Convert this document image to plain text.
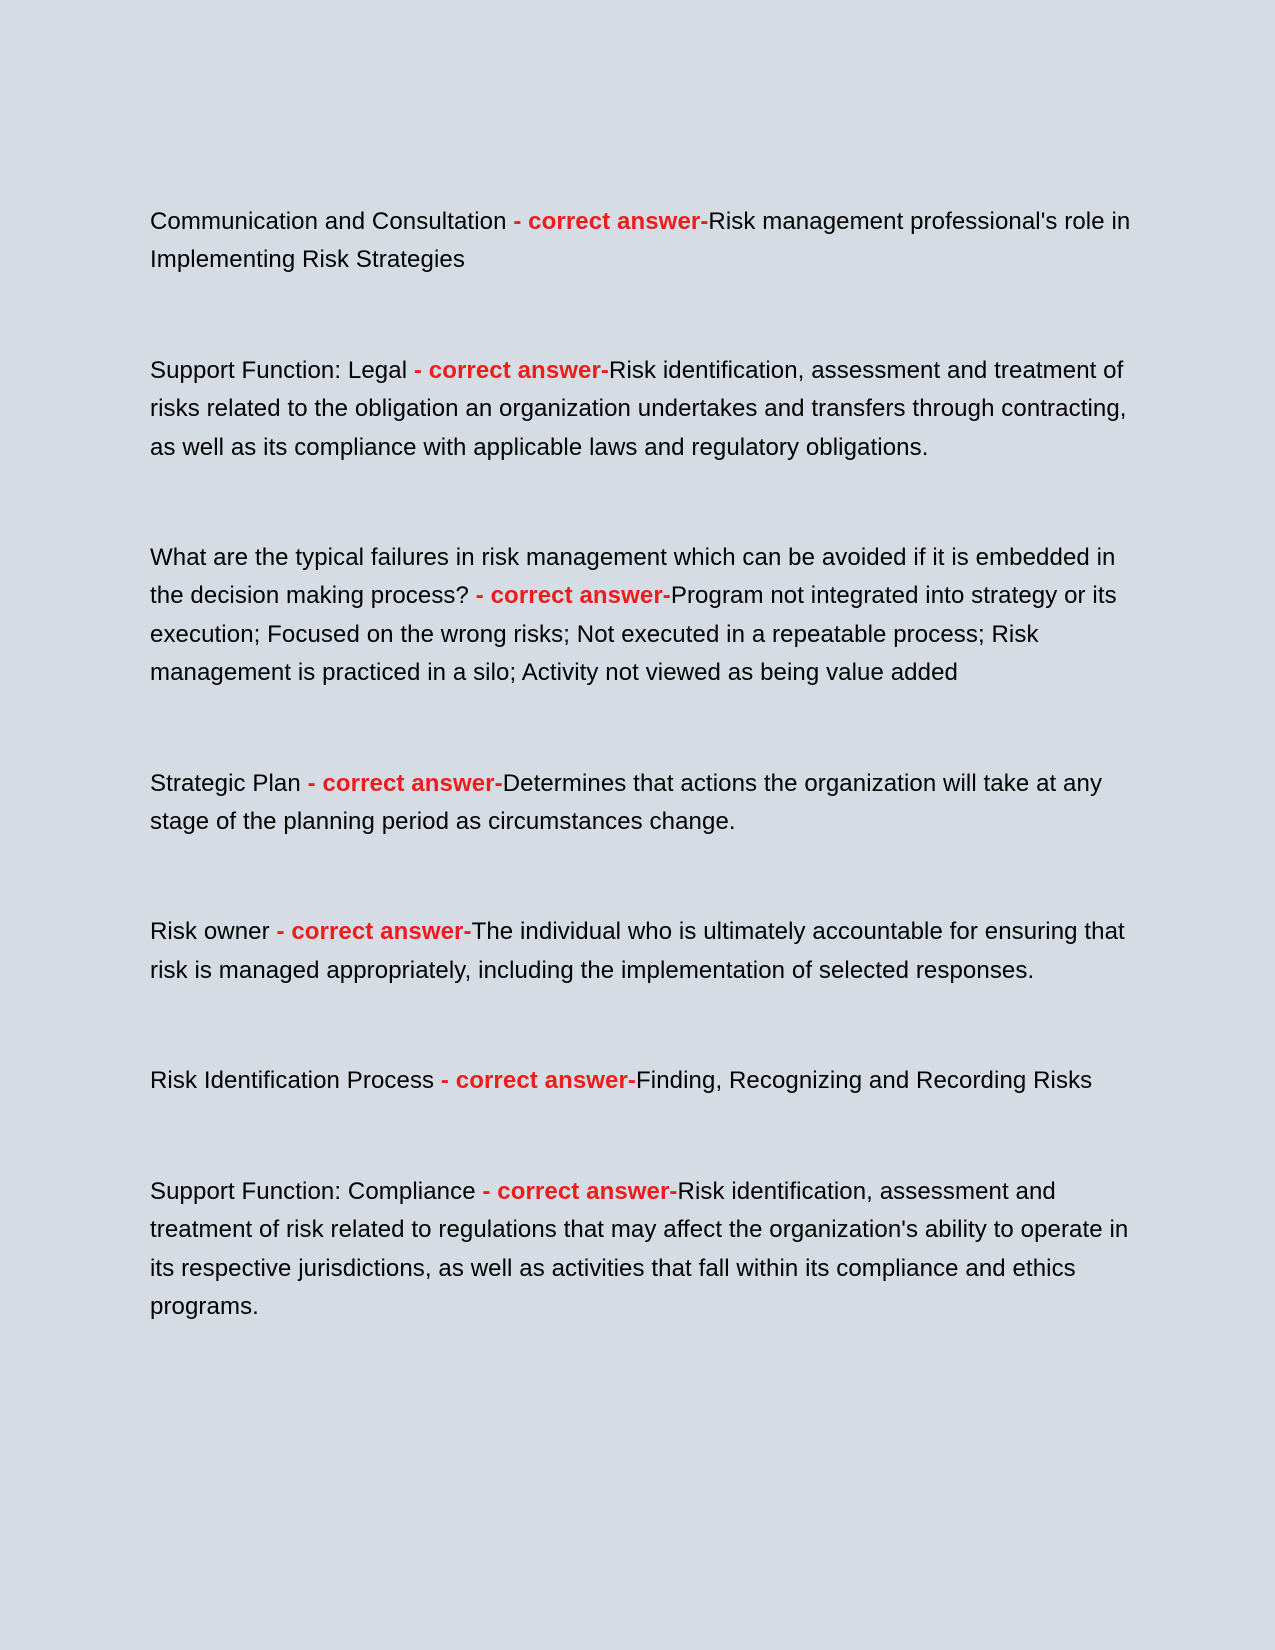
Communication and Consultation - correct answer-Risk management professional's role in Implementing Risk Strategies

Support Function: Legal - correct answer-Risk identification, assessment and treatment of risks related to the obligation an organization undertakes and transfers through contracting, as well as its compliance with applicable laws and regulatory obligations.

What are the typical failures in risk management which can be avoided if it is embedded in the decision making process? - correct answer-Program not integrated into strategy or its execution; Focused on the wrong risks; Not executed in a repeatable process; Risk management is practiced in a silo; Activity not viewed as being value added

Strategic Plan - correct answer-Determines that actions the organization will take at any stage of the planning period as circumstances change.

Risk owner - correct answer-The individual who is ultimately accountable for ensuring that risk is managed appropriately, including the implementation of selected responses.

Risk Identification Process - correct answer-Finding, Recognizing and Recording Risks

Support Function: Compliance - correct answer-Risk identification, assessment and treatment of risk related to regulations that may affect the organization's ability to operate in its respective jurisdictions, as well as activities that fall within its compliance and ethics programs.
